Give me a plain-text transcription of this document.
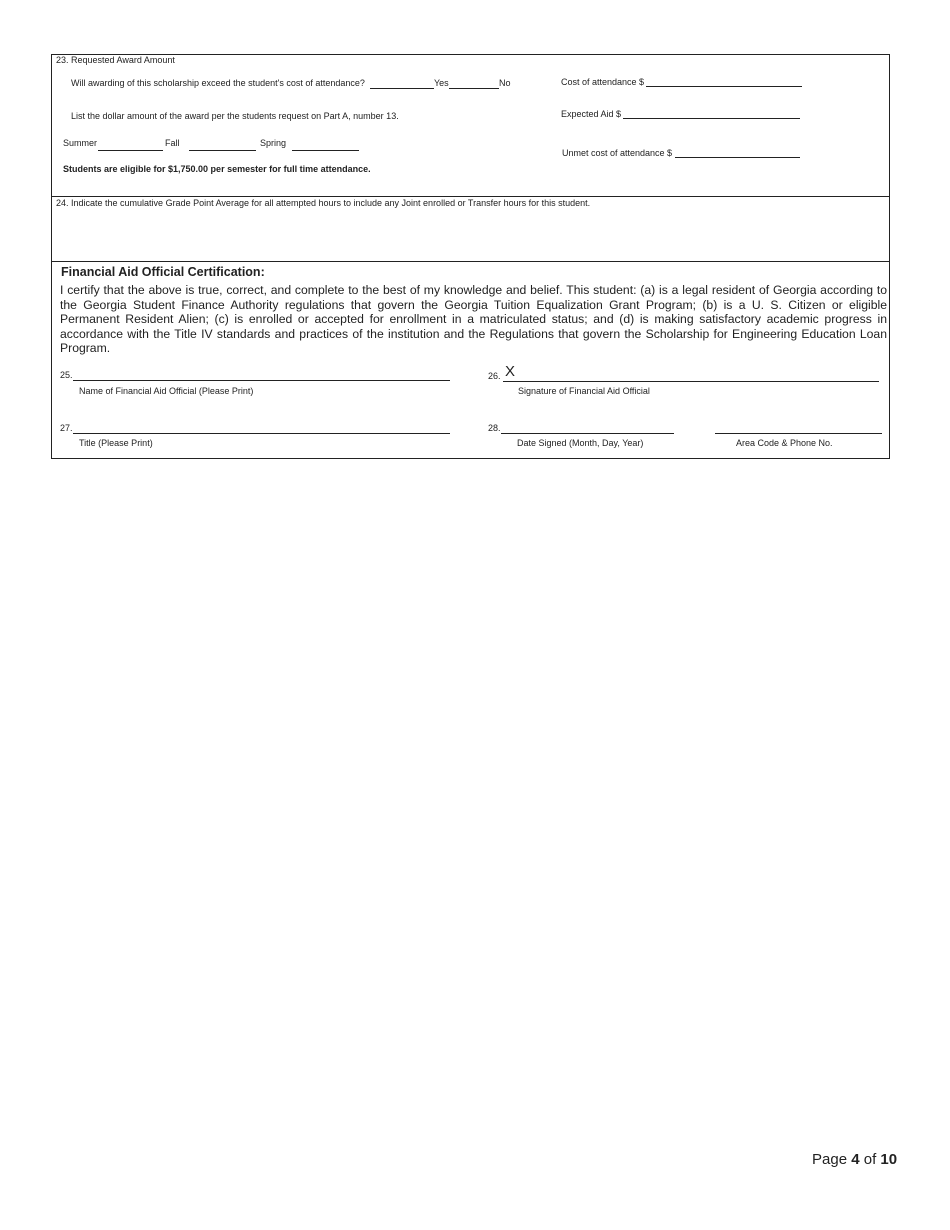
23. Requested Award Amount
Will awarding of this scholarship exceed the student's cost of attendance?	Yes	No	Cost of attendance $
List the dollar amount of the award per the students request on Part A, number 13.	Expected Aid $
Summer	Fall	Spring
Unmet cost of attendance $
Students are eligible for $1,750.00 per semester for full time attendance.
24. Indicate the cumulative Grade Point Average for all attempted hours to include any Joint enrolled or Transfer hours for this student.
Financial Aid Official Certification:
I certify that the above is true, correct, and complete to the best of my knowledge and belief. This student: (a) is a legal resident of Georgia according to the Georgia Student Finance Authority regulations that govern the Georgia Tuition Equalization Grant Program; (b) is a U. S. Citizen or eligible Permanent Resident Alien; (c) is enrolled or accepted for enrollment in a matriculated status; and (d) is making satisfactory academic progress in accordance with the Title IV standards and practices of the institution and the Regulations that govern the Scholarship for Engineering Education Loan Program.
25.
Name of Financial Aid Official (Please Print)
26. X
Signature of Financial Aid Official
27.
Title (Please Print)
28.
Date Signed (Month, Day, Year)	Area Code & Phone No.
Page 4 of 10
